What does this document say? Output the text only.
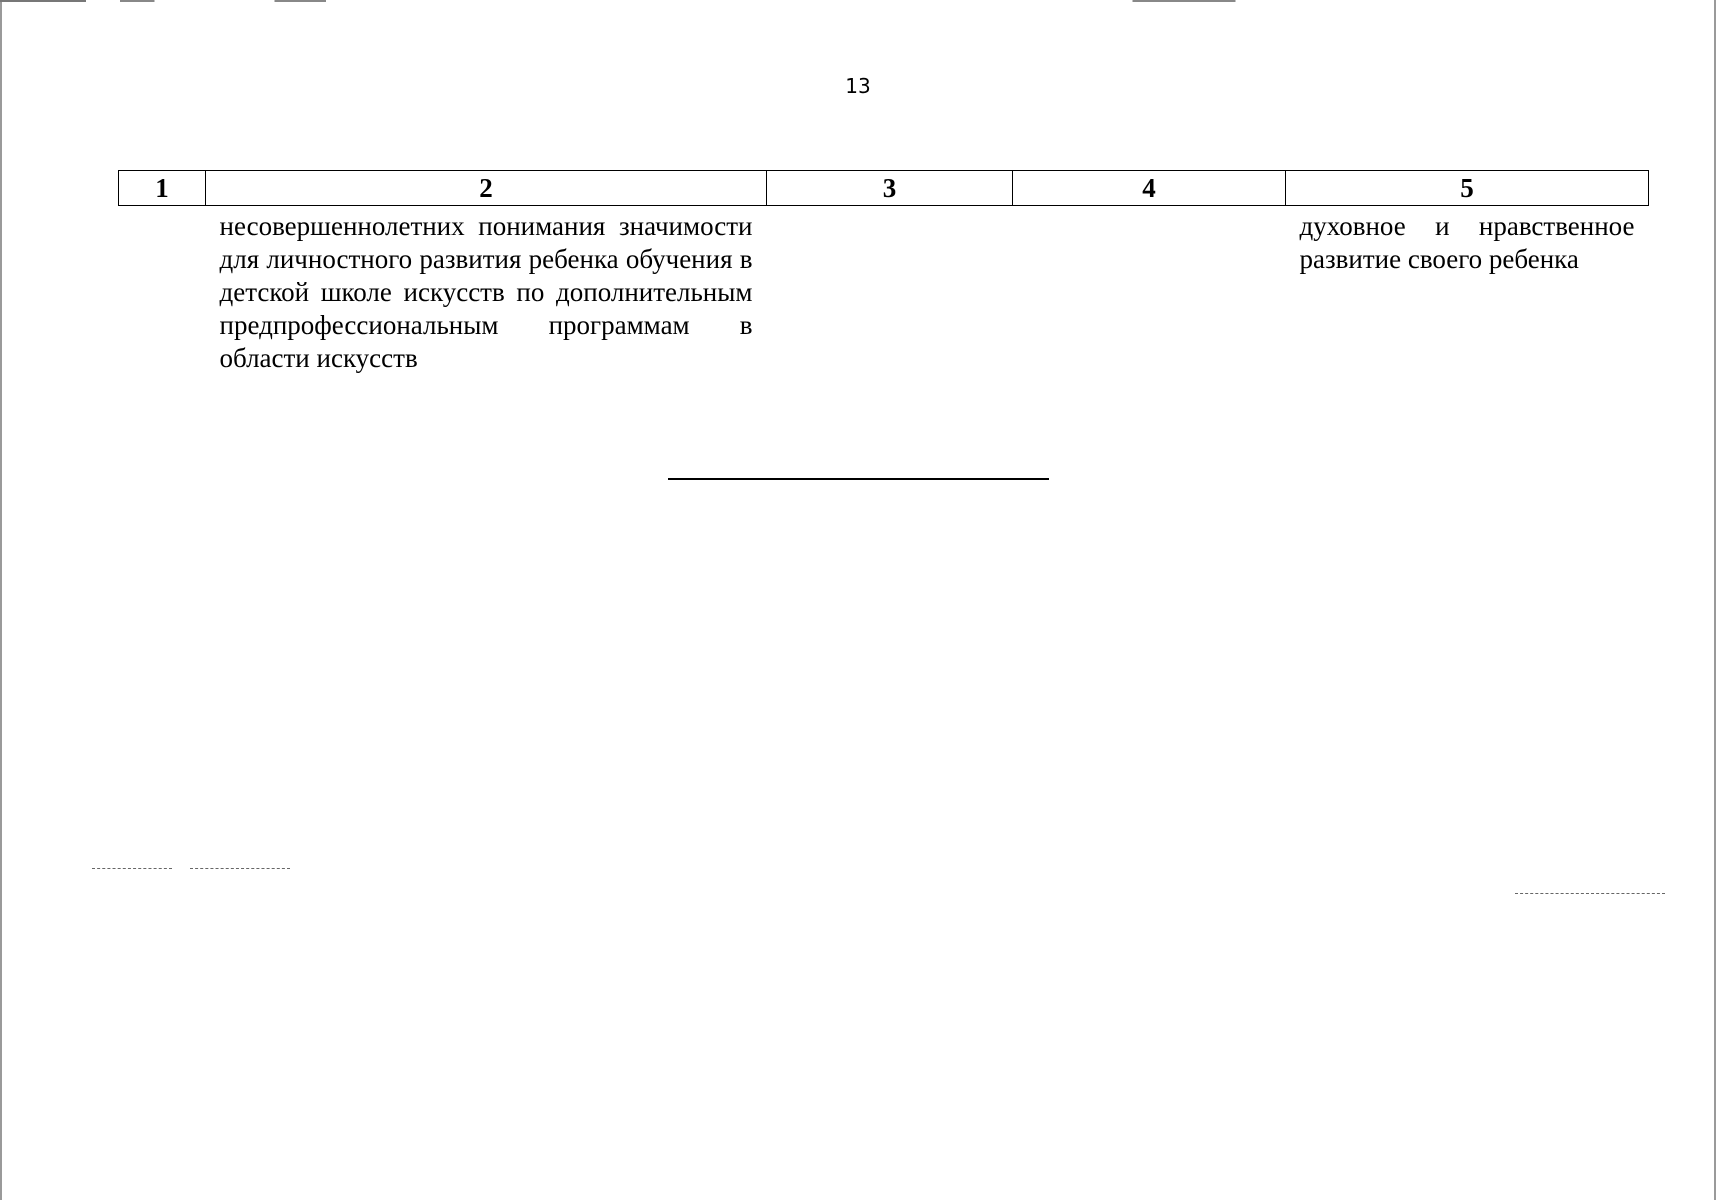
13
1	2	3	4	5
	несовершеннолетних понимания значимости для личностного развития ребенка обучения в детской школе искусств по дополнительным предпрофессиональным программам в области искусств			духовное и нравственное развитие своего ребенка
